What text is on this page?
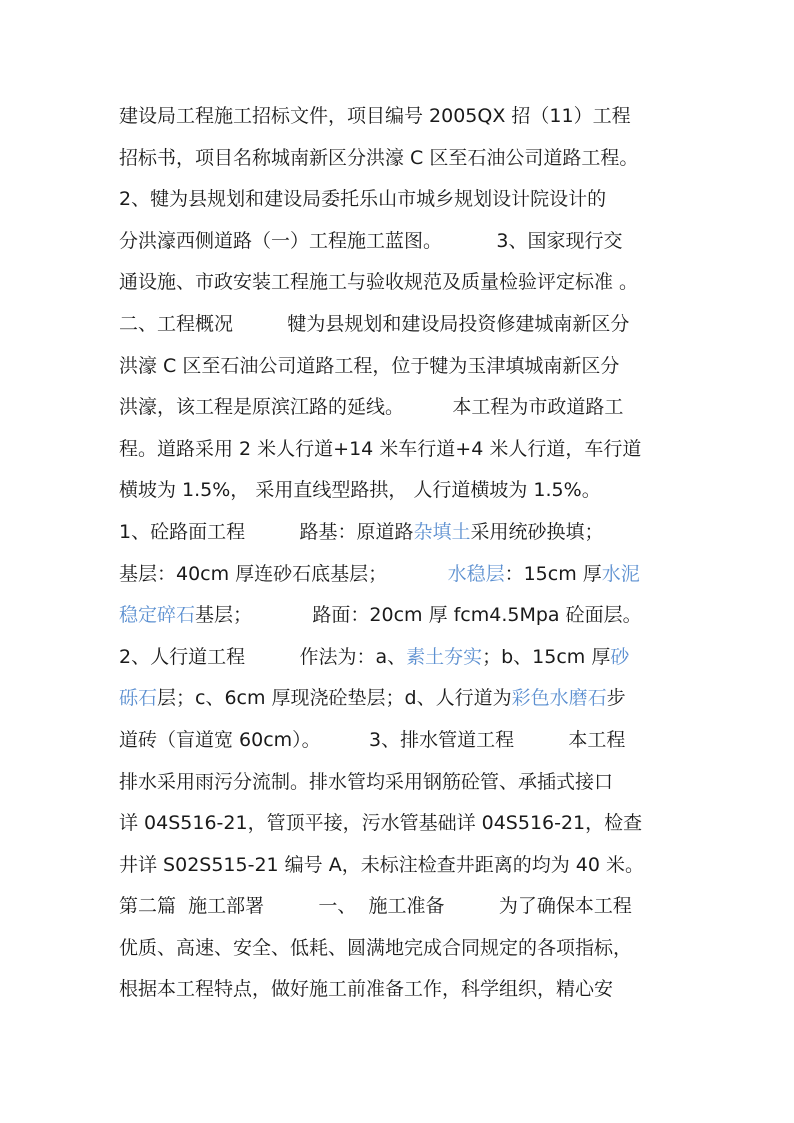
建设局工程施工招标文件，项目编号 2005QX 招（11）工程
招标书，项目名称城南新区分洪濠 C 区至石油公司道路工程。
2、犍为县规划和建设局委托乐山市城乡规划设计院设计的
分洪濠西侧道路（一）工程施工蓝图。         3、国家现行交
通设施、市政安装工程施工与验收规范及质量检验评定标准 。
二、工程概况         犍为县规划和建设局投资修建城南新区分
洪濠 C 区至石油公司道路工程，位于犍为玉津填城南新区分
洪濠，该工程是原滨江路的延线。        本工程为市政道路工
程。道路采用 2 米人行道+14 米车行道+4 米人行道，车行道
横坡为 1.5%， 采用直线型路拱， 人行道横坡为 1.5%。
1、砼路面工程         路基：原道路杂填土采用统砂换填；
基层：40cm 厚连砂石底基层；          水稳层：15cm 厚水泥
稳定碎石基层；          路面：20cm 厚 fcm4.5Mpa 砼面层。
2、人行道工程         作法为：a、素土夯实；b、15cm 厚砂
砾石层；c、6cm 厚现浇砼垫层；d、人行道为彩色水磨石步
道砖（盲道宽 60cm）。        3、排水管道工程         本工程
排水采用雨污分流制。排水管均采用钢筋砼管、承插式接口
详 04S516-21，管顶平接，污水管基础详 04S516-21，检查
井详 S02S515-21 编号 A，未标注检查井距离的均为 40 米。
第二篇  施工部署         一、  施工准备         为了确保本工程
优质、高速、安全、低耗、圆满地完成合同规定的各项指标，
根据本工程特点，做好施工前准备工作，科学组织，精心安
